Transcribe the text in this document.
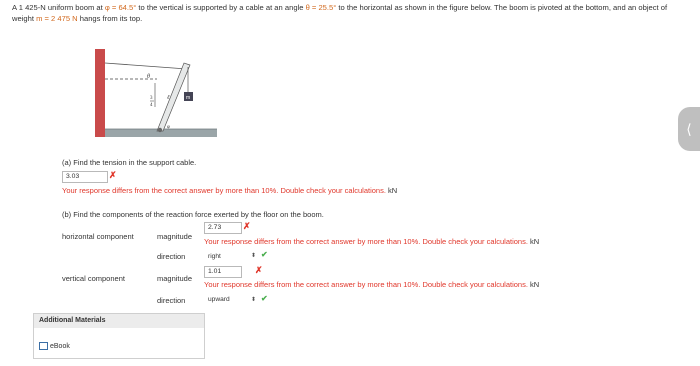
A 1 425-N uniform boom at φ = 64.5° to the vertical is supported by a cable at an angle θ = 25.5° to the horizontal as shown in the figure below. The boom is pivoted at the bottom, and an object of weight m = 2 475 N hangs from its top.
m
θ
3
4
ℓ
φ
(a) Find the tension in the support cable.
3.03	✗
Your response differs from the correct answer by more than 10%. Double check your calculations. kN
(b) Find the components of the reaction force exerted by the floor on the boom.
horizontal component	magnitude
2.73	✗
Your response differs from the correct answer by more than 10%. Double check your calculations. kN
direction	right	⬍ ✔
vertical component	magnitude
1.01	✗
Your response differs from the correct answer by more than 10%. Double check your calculations. kN
direction	upward	⬍ ✔
Additional Materials
eBook
⟨
